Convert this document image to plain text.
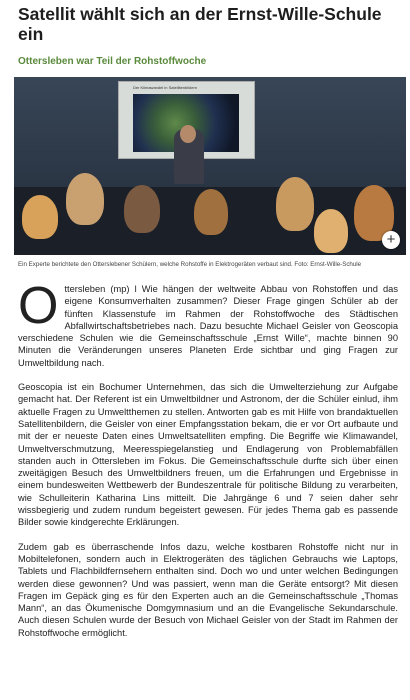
Satellit wählt sich an der Ernst-Wille-Schule ein
Ottersleben war Teil der Rohstoffwoche
Der Klimawandel in Satellitenbildern
+
Ein Experte berichtete den Otterslebener Schülern, welche Rohstoffe in Elektrogeräten verbaut sind. Foto: Ernst-Wille-Schule

Ottersleben (mp) l Wie hängen der weltweite Abbau von Rohstoffen und das eigene Konsumverhalten zusammen? Dieser Frage gingen Schüler ab der fünften Klassenstufe im Rahmen der Rohstoffwoche des Städtischen Abfallwirtschaftsbetriebes nach. Dazu besuchte Michael Geisler von Geoscopia verschiedene Schulen wie die Gemeinschaftsschule „Ernst Wille“, machte binnen 90 Minuten die Veränderungen unseres Planeten Erde sichtbar und ging Fragen zur Umweltbildung nach.

Geoscopia ist ein Bochumer Unternehmen, das sich die Umwelterziehung zur Aufgabe gemacht hat. Der Referent ist ein Umweltbildner und Astronom, der die Schüler einlud, ihm aktuelle Fragen zu Umweltthemen zu stellen. Antworten gab es mit Hilfe von brandaktuellen Satellitenbildern, die Geisler von einer Empfangsstation bekam, die er vor Ort aufbaute und mit der er neueste Daten eines Umweltsatelliten empfing. Die Begriffe wie Klimawandel, Umweltverschmutzung, Meeresspiegelanstieg und Endlagerung von Problemabfällen standen auch in Ottersleben im Fokus. Die Gemeinschaftsschule durfte sich über einen zweitägigen Besuch des Umweltbildners freuen, um die Erfahrungen und Ergebnisse in einem bundesweiten Wettbewerb der Bundeszentrale für politische Bildung zu verarbeiten, wie Schulleiterin Katharina Lins mitteilt. Die Jahrgänge 6 und 7 seien daher sehr wissbegierig und zudem rundum begeistert gewesen. Für jedes Thema gab es passende Bilder sowie kindgerechte Erklärungen.

Zudem gab es überraschende Infos dazu, welche kostbaren Rohstoffe nicht nur in Mobiltelefonen, sondern auch in Elektrogeräten des täglichen Gebrauchs wie Laptops, Tablets und Flachbildfernsehern enthalten sind. Doch wo und unter welchen Bedingungen werden diese gewonnen? Und was passiert, wenn man die Geräte entsorgt? Mit diesen Fragen im Gepäck ging es für den Experten auch an die Gemeinschaftsschule „Thomas Mann“, an das Ökumenische Domgymnasium und an die Evangelische Sekundarschule. Auch diesen Schulen wurde der Besuch von Michael Geisler von der Stadt im Rahmen der Rohstoffwoche ermöglicht.
